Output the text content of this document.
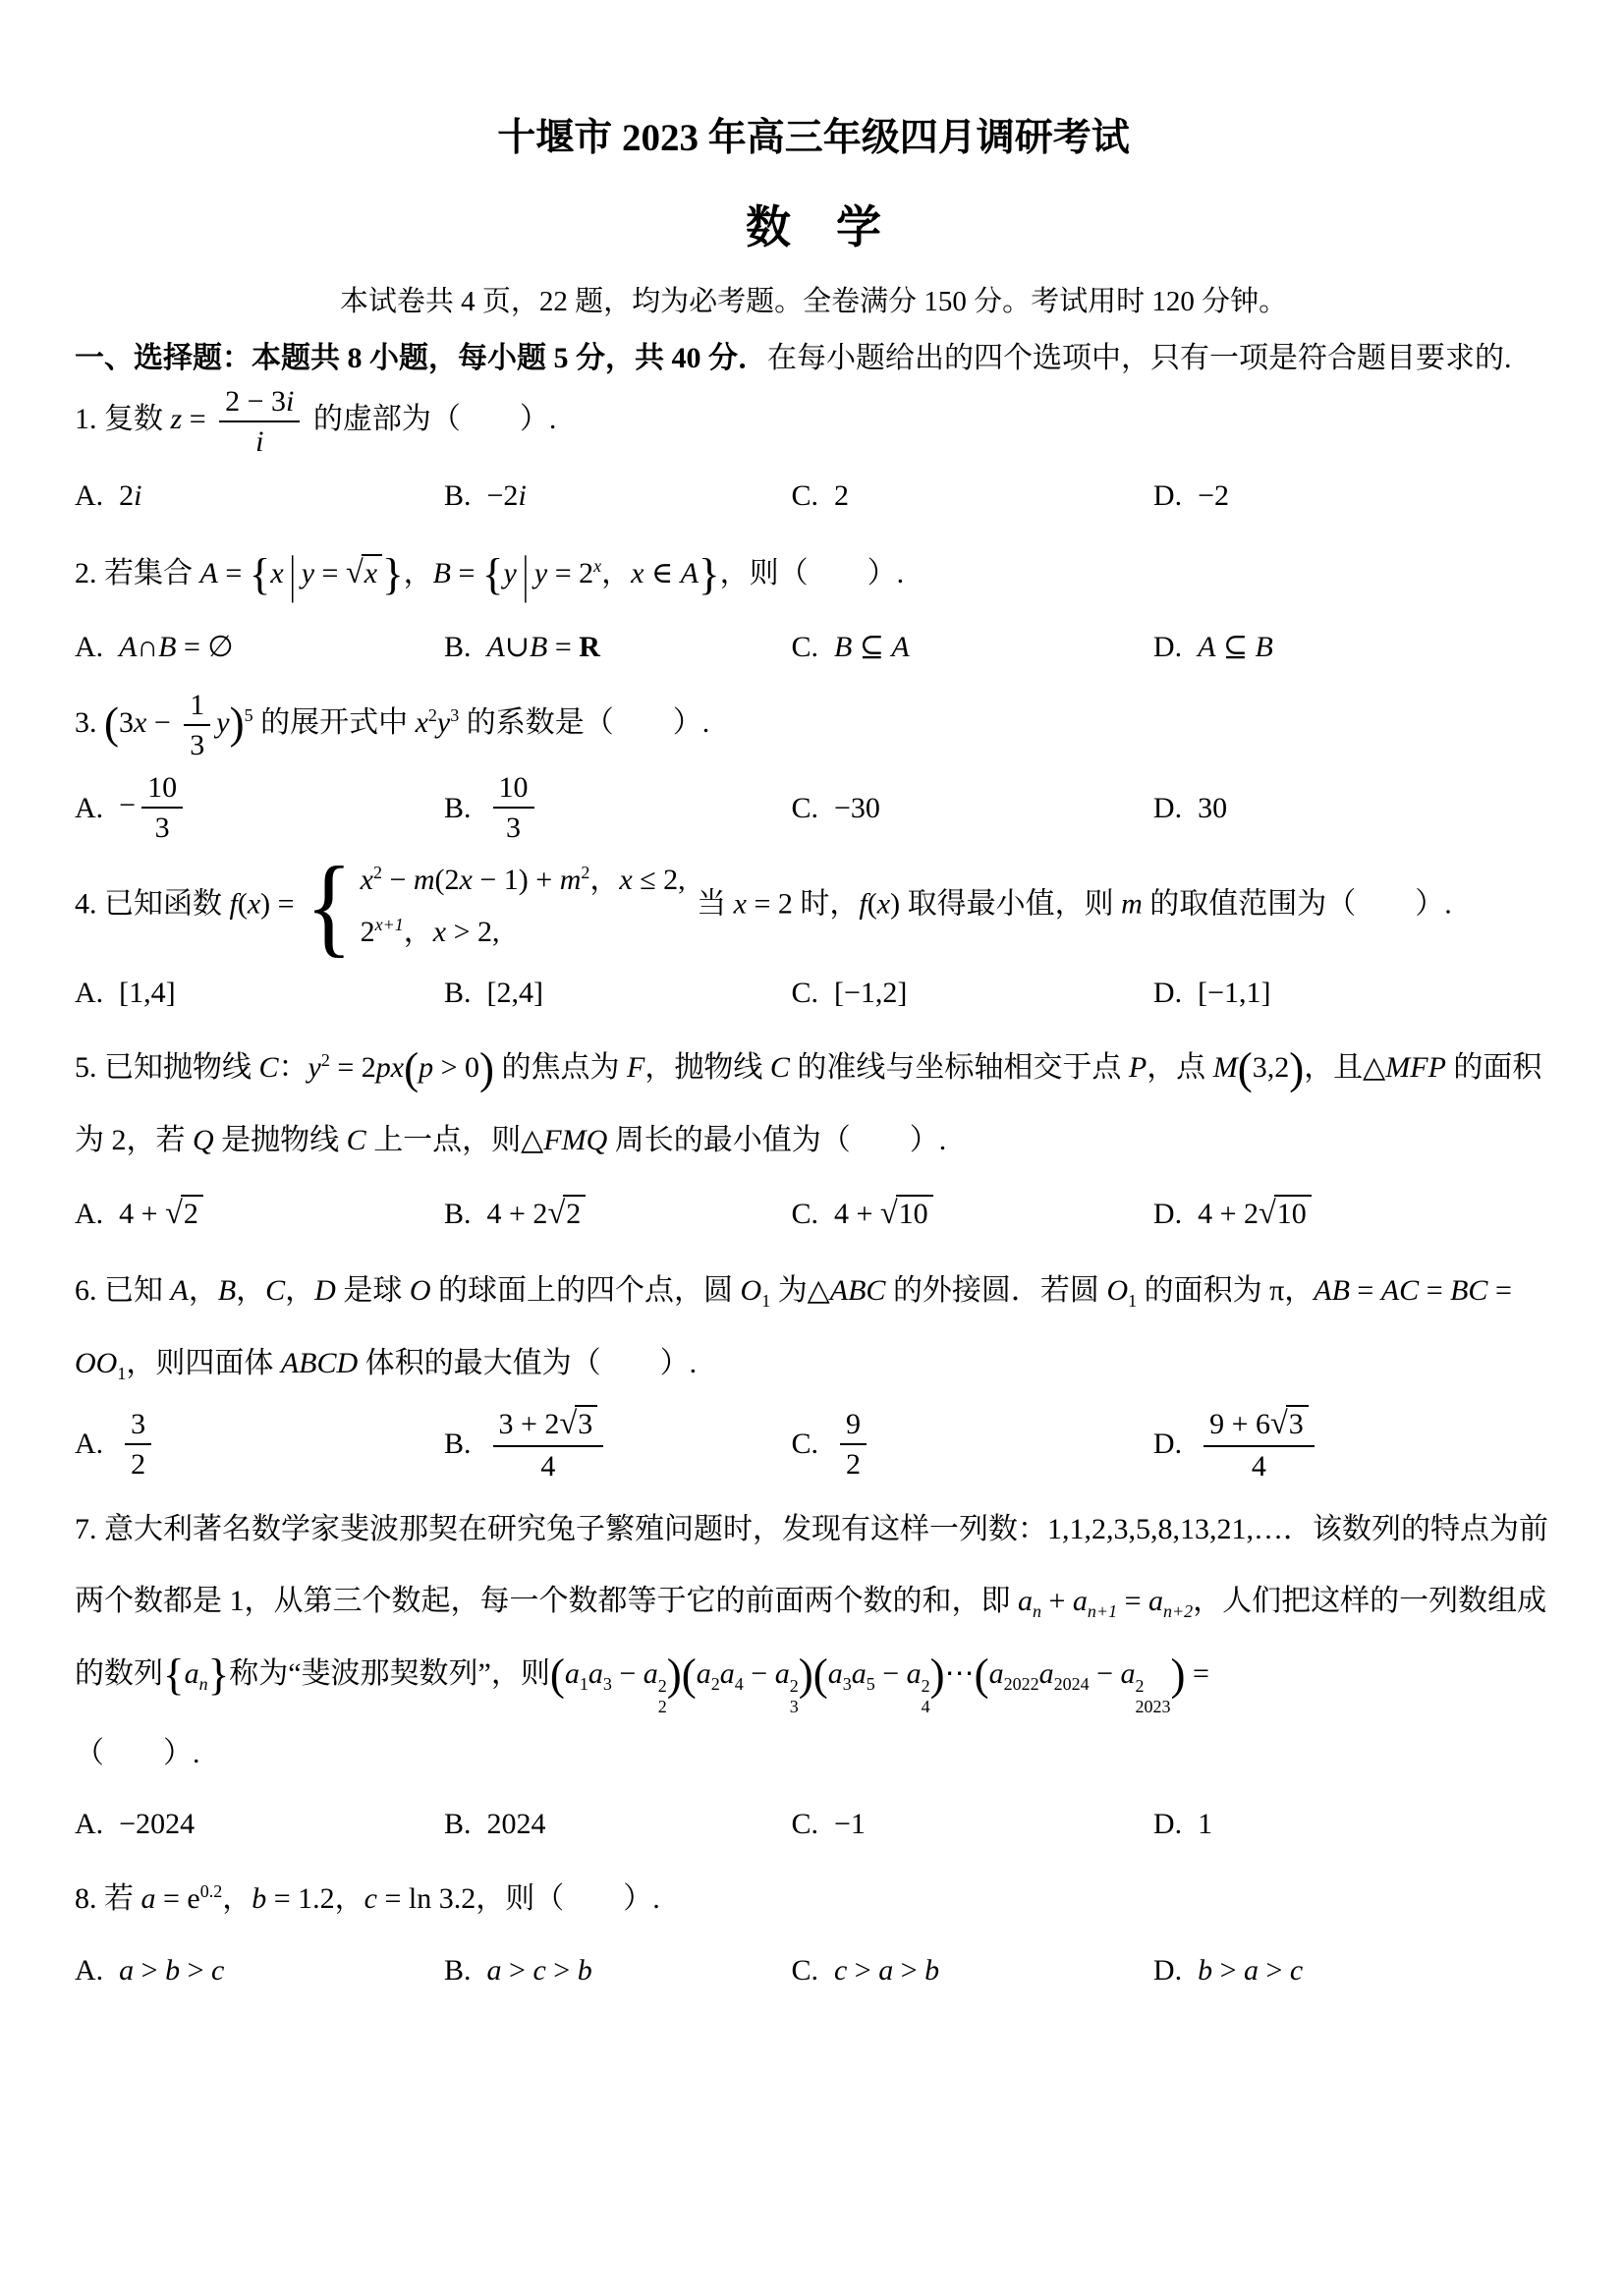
十堰市 2023 年高三年级四月调研考试
数　学

本试卷共 4 页，22 题，均为必考题。全卷满分 150 分。考试用时 120 分钟。

一、选择题：本题共 8 小题，每小题 5 分，共 40 分．在每小题给出的四个选项中，只有一项是符合题目要求的.

1. 复数 $z = \frac{2 - 3i}{i}$ 的虚部为（　　）.
A. 2i	B. −2i	C. 2	D. −2
2. 若集合 A = {x | y = √x }，B = {y | $y = 2^x$，x ∈ A}，则（　　）.
A. A∩B = ∅	B. A∪B = R	C. B ⊆ A	D. A ⊆ B
3. $(3x - \frac{1}{3} y)^5$ 的展开式中 $x^2y^3$ 的系数是（　　）.
A. − $\frac{10}{3}$	B. $\frac{10}{3}$	C. −30	D. 30
4. 已知函数 f(x) = { $x^2 - m(2x - 1) + m^2$，x ≤ 2,
$2^{x+1}$，x > 2,
当 x = 2 时，f(x) 取得最小值，则 m 的取值范围为（　　）.
A. [1,4]	B. [2,4]	C. [−1,2]	D. [−1,1]
5. 已知抛物线 C：$y^2 = 2px(p > 0)$ 的焦点为 F，抛物线 C 的准线与坐标轴相交于点 P，点 M(3,2)，且△MFP 的面积为 2，若 Q 是抛物线 C 上一点，则△FMQ 周长的最小值为（　　）.
A. 4 + √2	B. 4 + 2√2	C. 4 + √10	D. 4 + 2√10
6. 已知 A，B，C，D 是球 O 的球面上的四个点，圆 $O_1$ 为△ABC 的外接圆．若圆 $O_1$ 的面积为 π，AB = AC = BC = $OO_1$，则四面体 ABCD 体积的最大值为（　　）.
A. $\frac{3}{2}$	B. $\frac{3 + 2√3}{4}$	C. $\frac{9}{2}$	D. $\frac{9 + 6√3}{4}$
7. 意大利著名数学家斐波那契在研究兔子繁殖问题时，发现有这样一列数：1,1,2,3,5,8,13,21,…．该数列的特点为前两个数都是 1，从第三个数起，每一个数都等于它的前面两个数的和，即 $a_n + a_{n+1} = a_{n+2}$，人们把这样的一列数组成的数列$\{a_n\}$称为“斐波那契数列”，则($a_1a_3 - a$ 2
2
)($a_2a_4 - a$ 2
3
)($a_3a_5 - a$ 2
4
)$\cdots(a_{2022}a_{2024} - a$ 2
2023
) =
（　　）.
A. −2024	B. 2024	C. −1	D. 1
8. 若 $a = e^{0.2}$，b = 1.2，c = ln 3.2，则（　　）.
A. a > b > c	B. a > c > b	C. c > a > b	D. b > a > c
